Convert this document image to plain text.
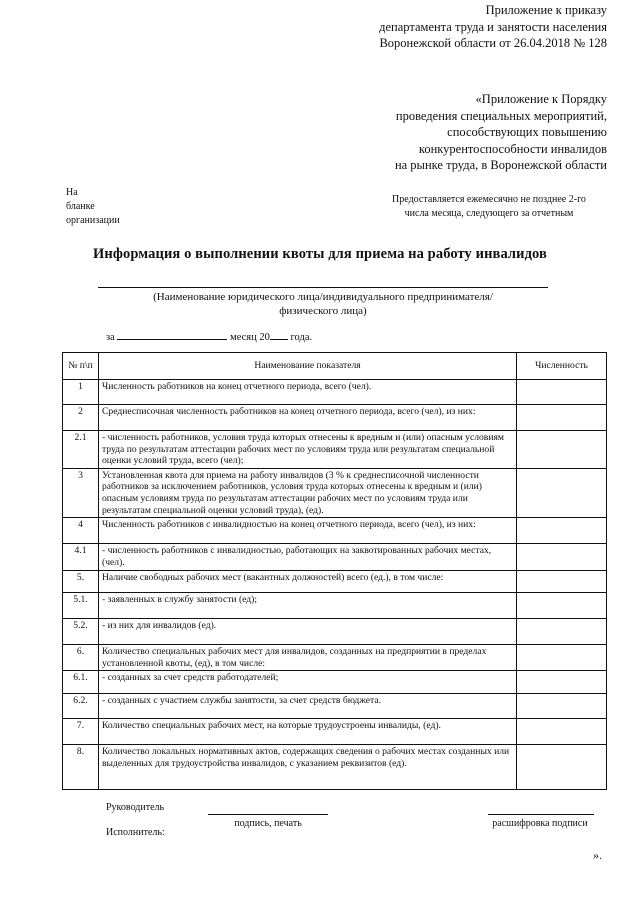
Приложение к приказу
департамента труда и занятости населения
Воронежской области от 26.04.2018 № 128
«Приложение к Порядку
проведения специальных мероприятий,
способствующих повышению
конкурентоспособности инвалидов
на рынке труда, в Воронежской области
На
бланке
организации
Предоставляется ежемесячно не позднее 2-го
числа месяца, следующего за отчетным
Информация о выполнении квоты для приема на работу инвалидов
(Наименование юридического лица/индивидуального предпринимателя/
физического лица)
за	месяц 20 года.
№ п\п	Наименование показателя	Численность
1	Численность работников на конец отчетного периода, всего (чел).	
2	Среднесписочная численность работников на конец отчетного периода, всего (чел), из них:	
2.1	- численность работников, условия труда которых отнесены к вредным и (или) опасным условиям труда по результатам аттестации рабочих мест по условиям труда или результатам специальной оценки условий труда, всего (чел);	
3	Установленная квота для приема на работу инвалидов (3 % к среднесписочной численности работников за исключением работников, условия труда которых отнесены к вредным и (или) опасным условиям труда по результатам аттестации рабочих мест по условиям труда или результатам специальной оценки условий труда), (ед).	
4	Численность работников с инвалидностью на конец отчетного периода, всего (чел), из них:	
4.1	- численность работников с инвалидностью, работающих на заквотированных рабочих местах, (чел).	
5.	Наличие свободных рабочих мест (вакантных должностей) всего (ед.), в том числе:	
5.1.	- заявленных в службу занятости (ед);	
5.2.	- из них для инвалидов (ед).	
6.	Количество специальных рабочих мест для инвалидов, созданных на предприятии в пределах установленной квоты, (ед), в том числе:	
6.1.	- созданных за счет средств работодателей;	
6.2.	- созданных с участием службы занятости, за счет средств бюджета.	
7.	Количество специальных рабочих мест, на которые трудоустроены инвалиды, (ед).	
8.	Количество локальных нормативных актов, содержащих сведения о рабочих местах созданных или выделенных для трудоустройства инвалидов, с указанием реквизитов (ед).	
Руководитель
подпись, печать	расшифровка подписи
Исполнитель:
».
